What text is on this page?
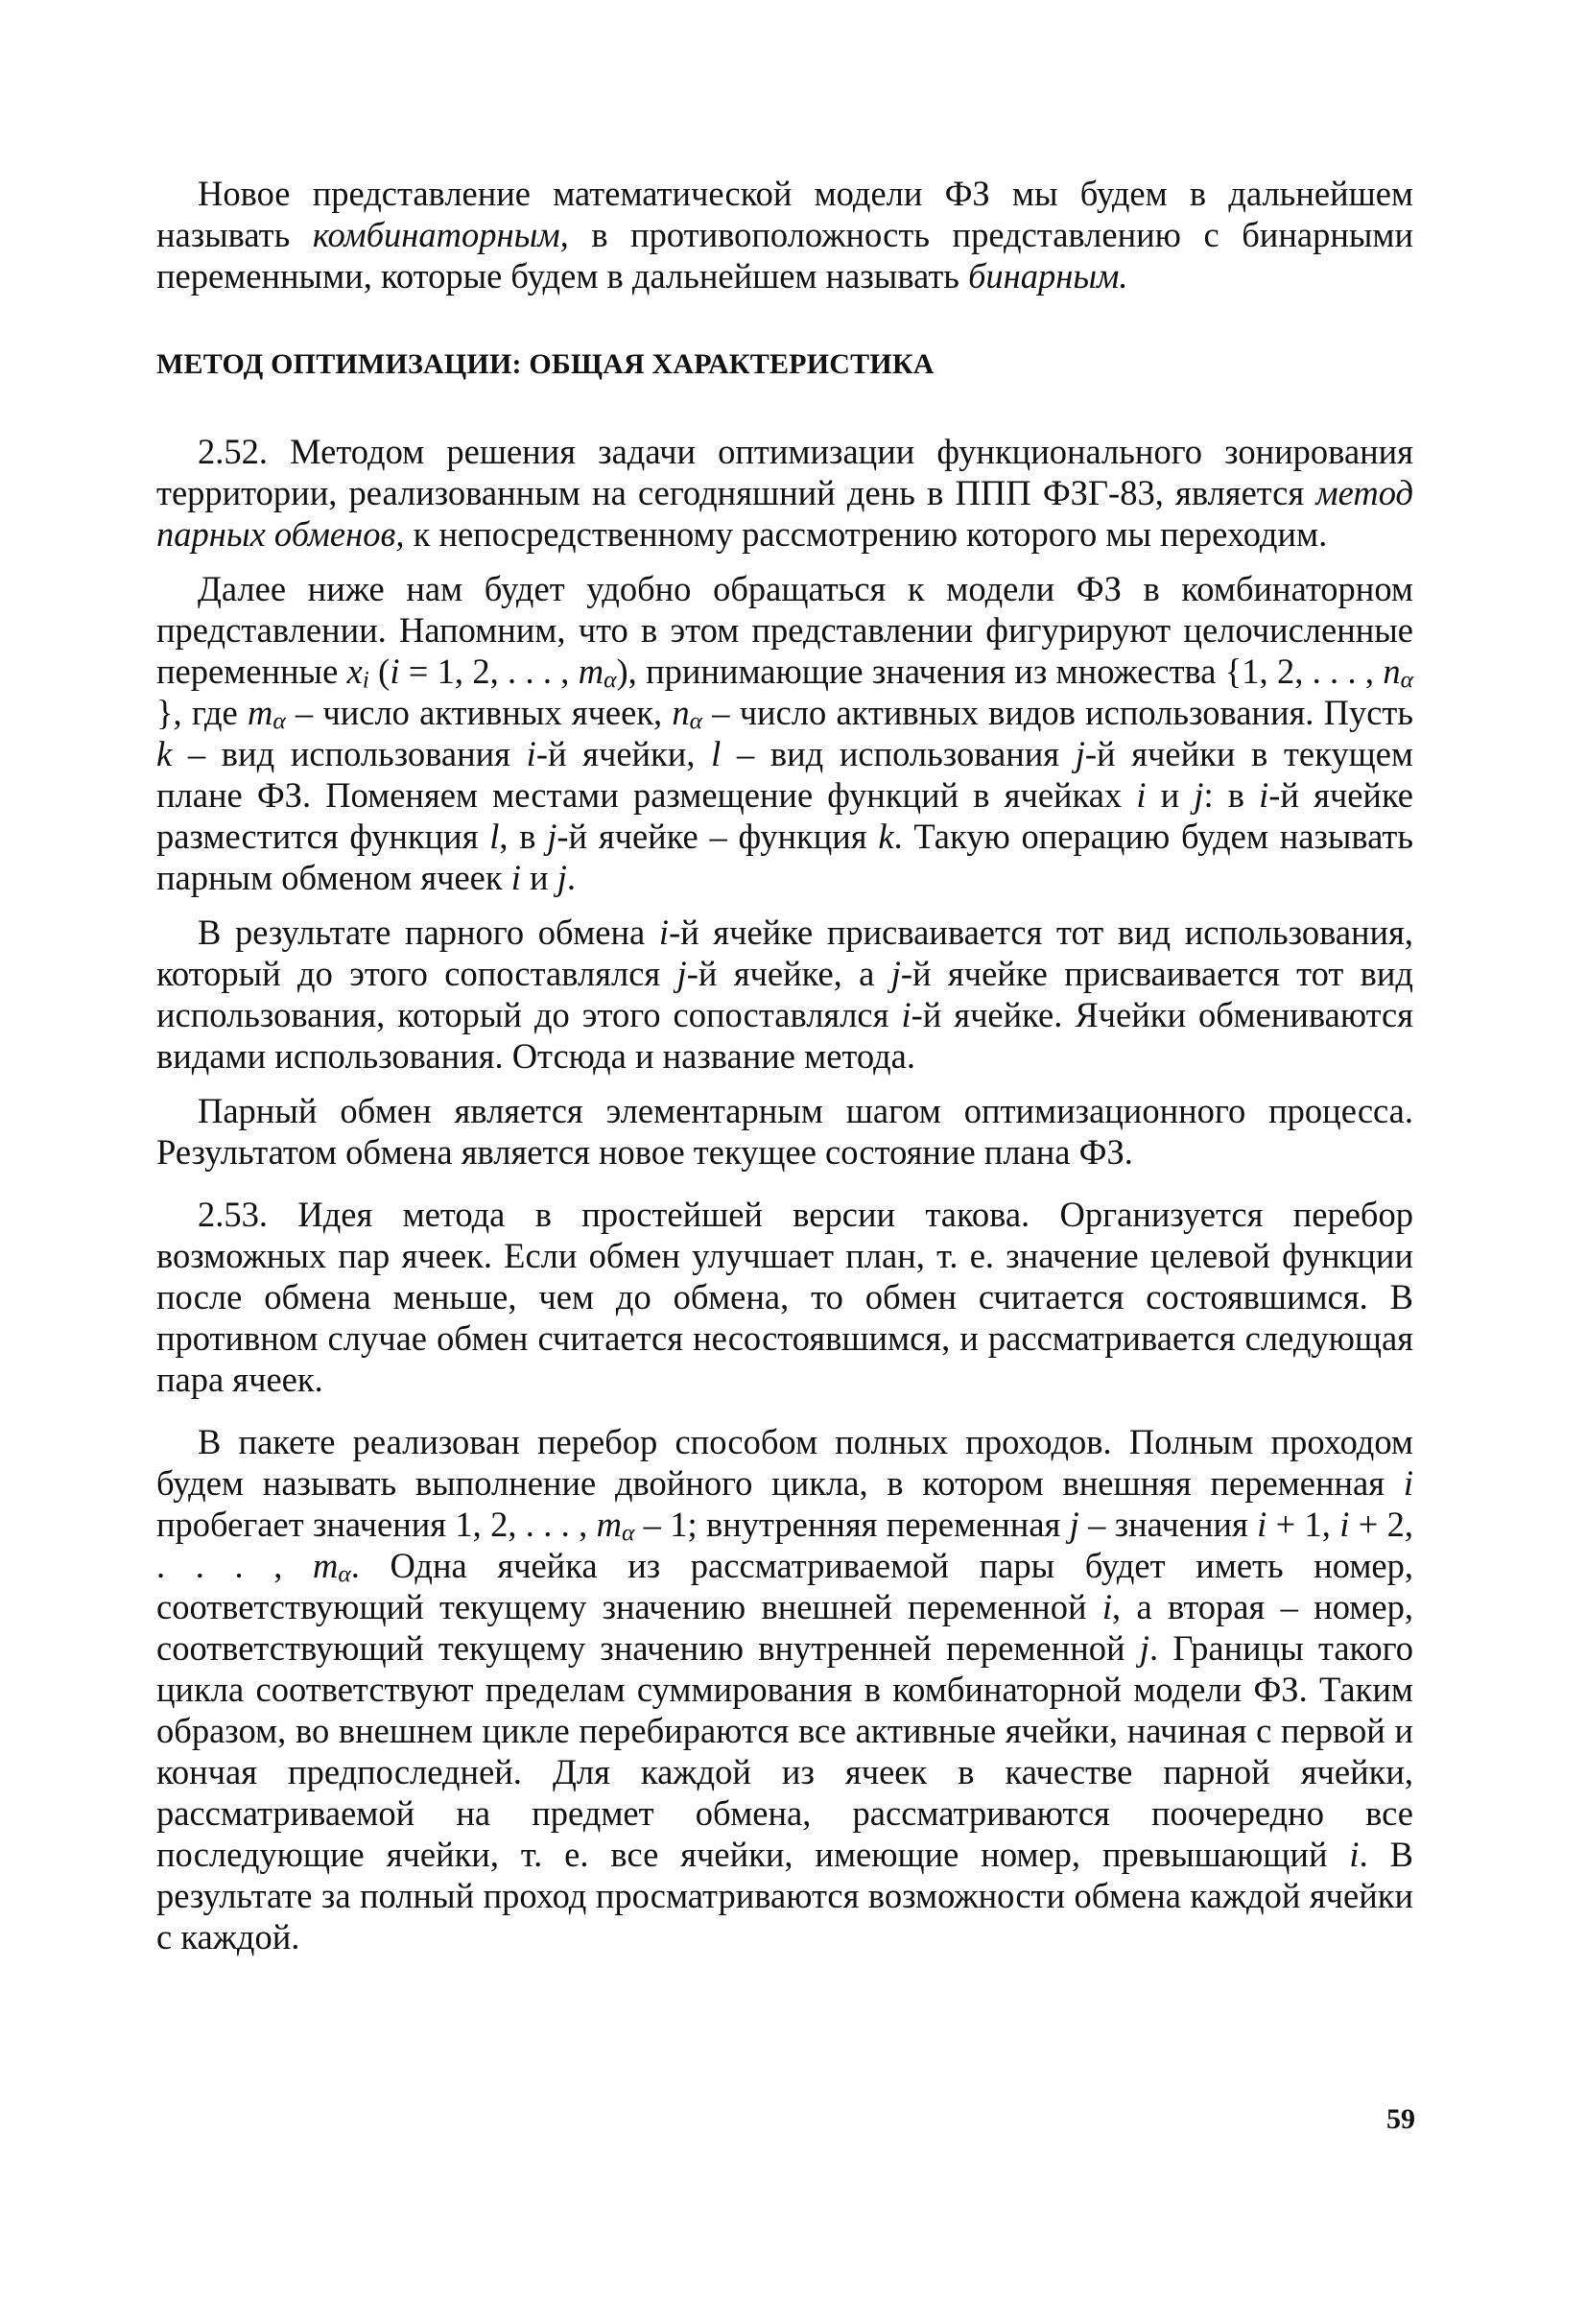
Новое представление математической модели ФЗ мы будем в дальнейшем называть комбинаторным, в противоположность представлению с бинарными переменными, которые будем в дальнейшем называть бинарным.

МЕТОД ОПТИМИЗАЦИИ: ОБЩАЯ ХАРАКТЕРИСТИКА

2.52. Методом решения задачи оптимизации функционального зонирования территории, реализованным на сегодняшний день в ППП ФЗГ-83, является метод парных обменов, к непосредственному рассмотрению которого мы переходим.

Далее ниже нам будет удобно обращаться к модели ФЗ в комбинаторном представлении. Напомним, что в этом представлении фигурируют целочисленные переменные $x_i$ (i = 1, 2, . . . , $m_\alpha$), принимающие значения из множества {1, 2, . . . , $n_\alpha$ }, где $m_\alpha$ – число активных ячеек, $n_\alpha$ – число активных видов использования. Пусть k – вид использования i-й ячейки, l – вид использования j-й ячейки в текущем плане ФЗ. Поменяем местами размещение функций в ячейках i и j: в i-й ячейке разместится функция l, в j-й ячейке – функция k. Такую операцию будем называть парным обменом ячеек i и j.

В результате парного обмена i-й ячейке присваивается тот вид использования, который до этого сопоставлялся j-й ячейке, а j-й ячейке присваивается тот вид использования, который до этого сопоставлялся i-й ячейке. Ячейки обмениваются видами использования. Отсюда и название метода.

Парный обмен является элементарным шагом оптимизационного процесса. Результатом обмена является новое текущее состояние плана ФЗ.

2.53. Идея метода в простейшей версии такова. Организуется перебор возможных пар ячеек. Если обмен улучшает план, т. е. значение целевой функции после обмена меньше, чем до обмена, то обмен считается состоявшимся. В противном случае обмен считается несостоявшимся, и рассматривается следующая пара ячеек.

В пакете реализован перебор способом полных проходов. Полным проходом будем называть выполнение двойного цикла, в котором внешняя переменная i пробегает значения 1, 2, . . . , $m_\alpha - 1$; внутренняя переменная j – значения i + 1, i + 2, . . . , $m_\alpha$. Одна ячейка из рассматриваемой пары будет иметь номер, соответствующий текущему значению внешней переменной i, а вторая – номер, соответствующий текущему значению внутренней переменной j. Границы такого цикла соответствуют пределам суммирования в комбинаторной модели ФЗ. Таким образом, во внешнем цикле перебираются все активные ячейки, начиная с первой и кончая предпоследней. Для каждой из ячеек в качестве парной ячейки, рассматриваемой на предмет обмена, рассматриваются поочередно все последующие ячейки, т. е. все ячейки, имеющие номер, превышающий i. В результате за полный проход просматриваются возможности обмена каждой ячейки с каждой.

59
